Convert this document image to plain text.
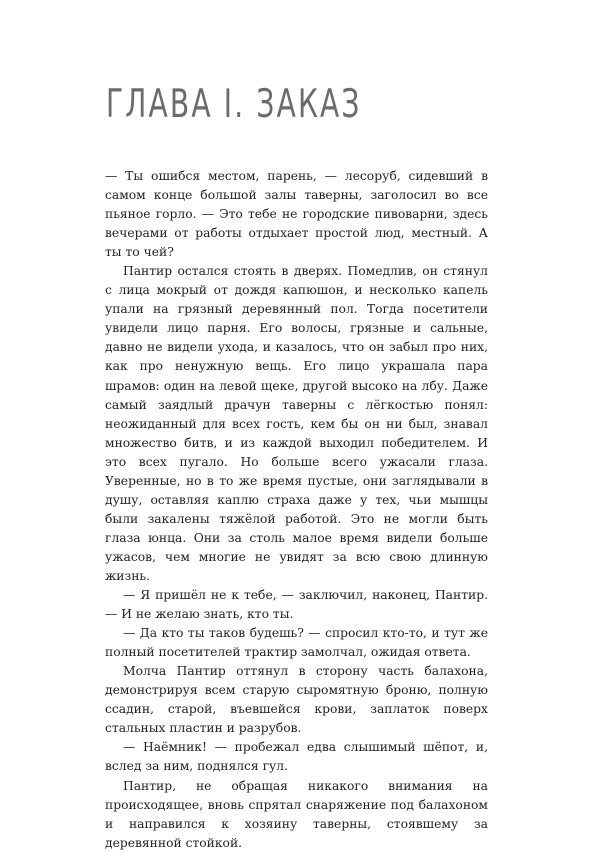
ГЛАВА I. ЗАКАЗ

— Ты ошибся местом, парень, — лесоруб, сидевший в самом конце большой залы таверны, заголосил во все пьяное горло. — Это тебе не городские пивоварни, здесь вечерами от работы отдыхает простой люд, местный. А ты то чей?

Пантир остался стоять в дверях. Помедлив, он стянул с лица мокрый от дождя капюшон, и несколько капель упали на грязный деревянный пол. Тогда посетители увидели лицо парня. Его волосы, грязные и сальные, давно не видели ухода, и казалось, что он забыл про них, как про ненужную вещь. Его лицо украшала пара шрамов: один на левой щеке, другой высоко на лбу. Даже самый заядлый драчун таверны с лёгкостью понял: неожиданный для всех гость, кем бы он ни был, знавал множество битв, и из каждой выходил победителем. И это всех пугало. Но больше всего ужасали глаза. Уверенные, но в то же время пустые, они заглядывали в душу, оставляя каплю страха даже у тех, чьи мышцы были закалены тяжёлой работой. Это не могли быть глаза юнца. Они за столь малое время видели больше ужасов, чем многие не увидят за всю свою длинную жизнь.

— Я пришёл не к тебе, — заключил, наконец, Пантир. — И не желаю знать, кто ты.

— Да кто ты таков будешь? — спросил кто-то, и тут же полный посетителей трактир замолчал, ожидая ответа.

Молча Пантир оттянул в сторону часть балахона, демонстрируя всем старую сыромятную броню, полную ссадин, старой, въевшейся крови, заплаток поверх стальных пластин и разрубов.

— Наёмник! — пробежал едва слышимый шёпот, и, вслед за ним, поднялся гул.

Пантир, не обращая никакого внимания на происходящее, вновь спрятал снаряжение под балахоном и направился к хозяину таверны, стоявшему за деревянной стойкой.
